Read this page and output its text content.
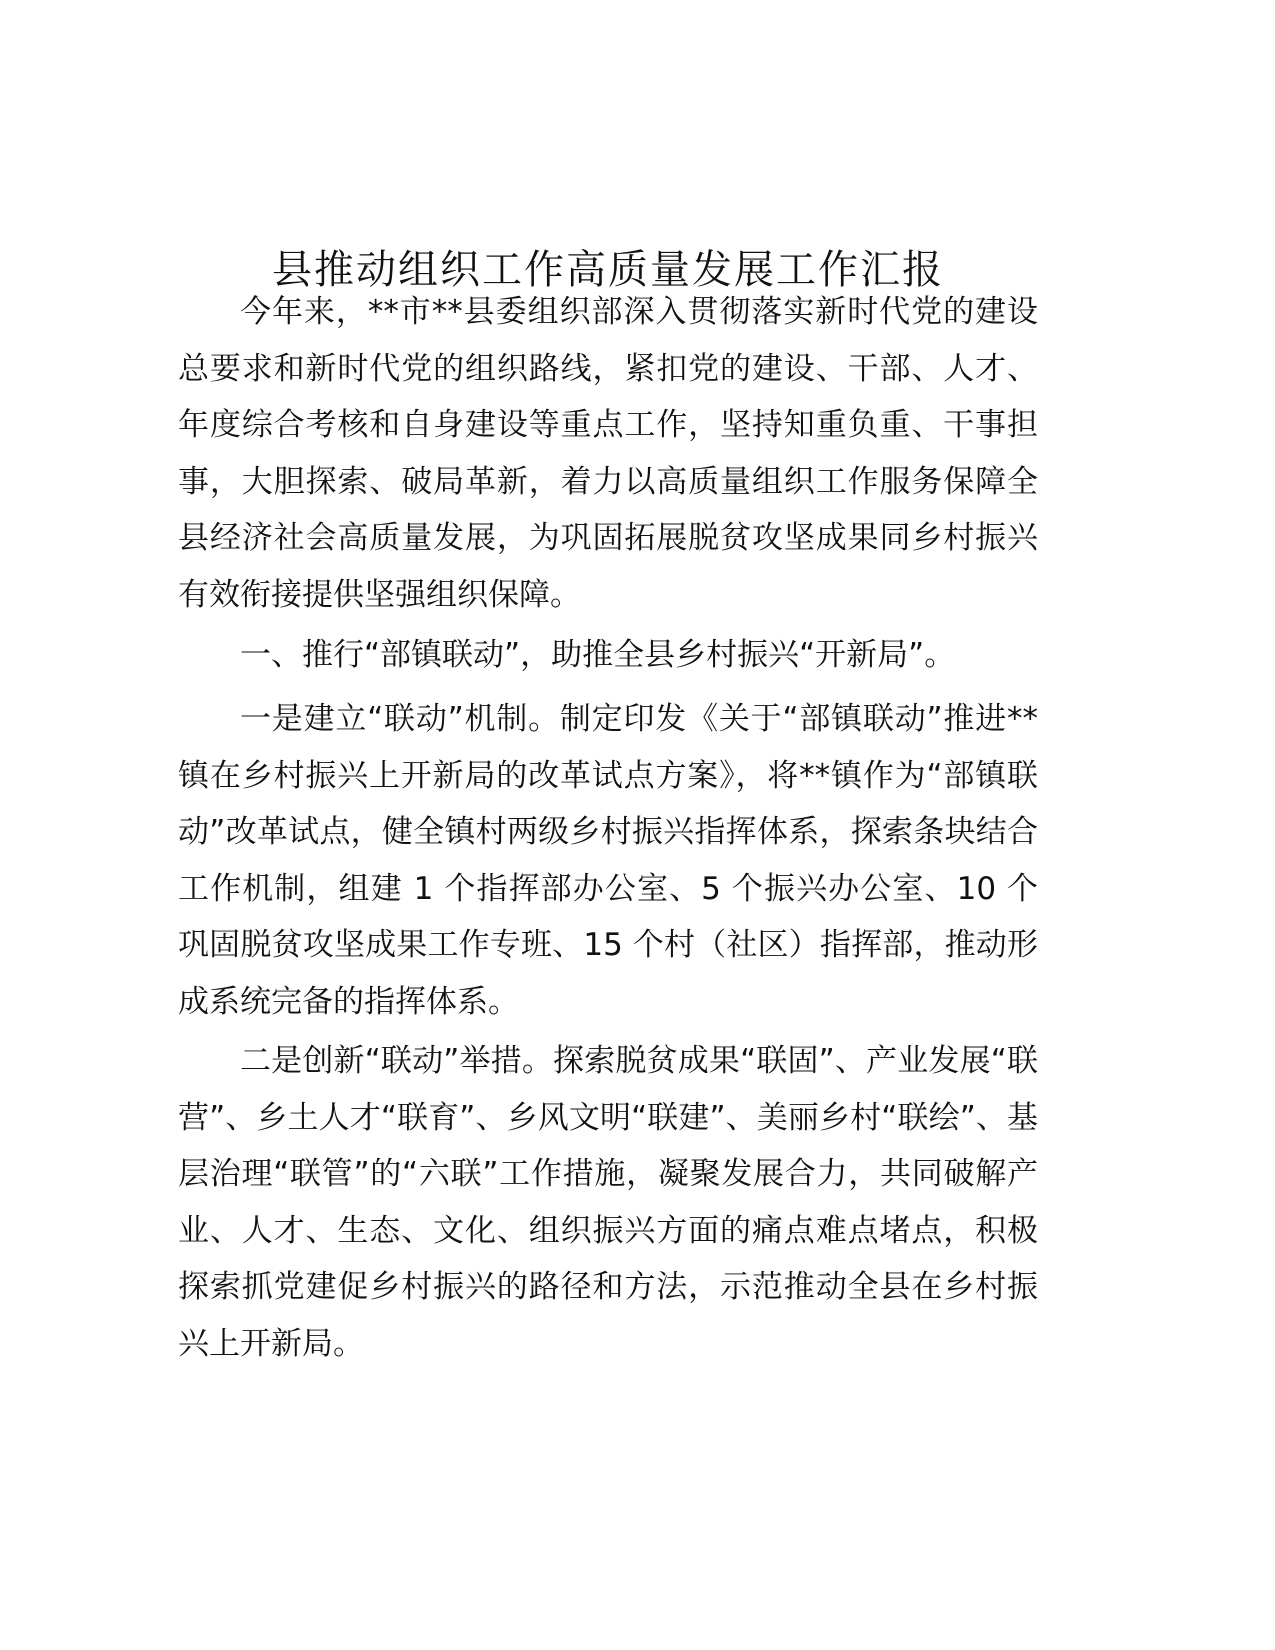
县推动组织工作高质量发展工作汇报

今年来，**市**县委组织部深入贯彻落实新时代党的建设总要求和新时代党的组织路线，紧扣党的建设、干部、人才、年度综合考核和自身建设等重点工作，坚持知重负重、干事担事，大胆探索、破局革新，着力以高质量组织工作服务保障全县经济社会高质量发展，为巩固拓展脱贫攻坚成果同乡村振兴有效衔接提供坚强组织保障。

一、推行“部镇联动”，助推全县乡村振兴“开新局”。

一是建立“联动”机制。制定印发《关于“部镇联动”推进**镇在乡村振兴上开新局的改革试点方案》，将**镇作为“部镇联动”改革试点，健全镇村两级乡村振兴指挥体系，探索条块结合工作机制，组建 1 个指挥部办公室、5 个振兴办公室、10 个巩固脱贫攻坚成果工作专班、15 个村（社区）指挥部，推动形成系统完备的指挥体系。

二是创新“联动”举措。探索脱贫成果“联固”、产业发展“联营”、乡土人才“联育”、乡风文明“联建”、美丽乡村“联绘”、基层治理“联管”的“六联”工作措施，凝聚发展合力，共同破解产业、人才、生态、文化、组织振兴方面的痛点难点堵点，积极探索抓党建促乡村振兴的路径和方法，示范推动全县在乡村振兴上开新局。
